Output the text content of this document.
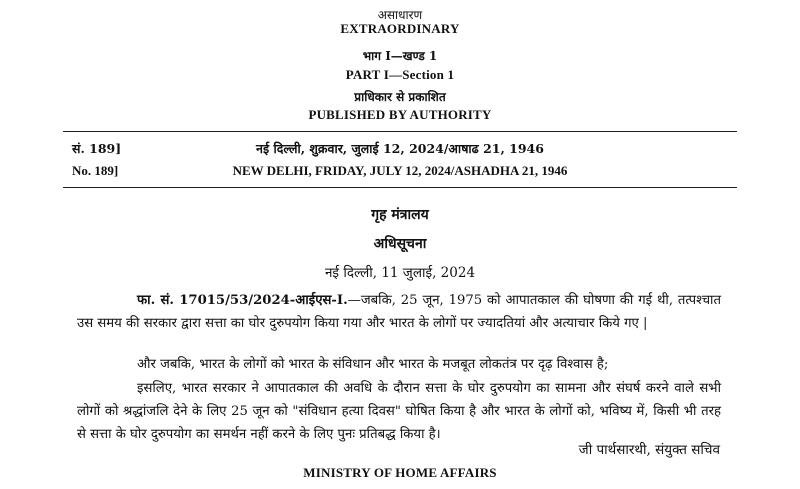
असाधारण
EXTRAORDINARY
भाग I—खण्ड 1
PART I—Section 1
प्राधिकार से प्रकाशित
PUBLISHED BY AUTHORITY
सं. 189]	नई दिल्ली, शुक्रवार, जुलाई 12, 2024/आषाढ 21, 1946
No. 189]	NEW DELHI, FRIDAY, JULY 12, 2024/ASHADHA 21, 1946
गृह मंत्रालय
अधिसूचना
नई दिल्ली, 11 जुलाई, 2024
फा. सं. 17015/53/2024-आईएस-I.—जबकि, 25 जून, 1975 को आपातकाल की घोषणा की गई थी, तत्पश्चात उस समय की सरकार द्वारा सत्ता का घोर दुरुपयोग किया गया और भारत के लोगों पर ज्यादतियां और अत्याचार किये गए |
और जबकि, भारत के लोगों को भारत के संविधान और भारत के मजबूत लोकतंत्र पर दृढ़ विश्वास है;
इसलिए, भारत सरकार ने आपातकाल की अवधि के दौरान सत्ता के घोर दुरुपयोग का सामना और संघर्ष करने वाले सभी लोगों को श्रद्धांजलि देने के लिए 25 जून को "संविधान हत्या दिवस" घोषित किया है और भारत के लोगों को, भविष्य में, किसी भी तरह से सत्ता के घोर दुरुपयोग का समर्थन नहीं करने के लिए पुनः प्रतिबद्ध किया है।
जी पार्थसारथी, संयुक्त सचिव
MINISTRY OF HOME AFFAIRS
